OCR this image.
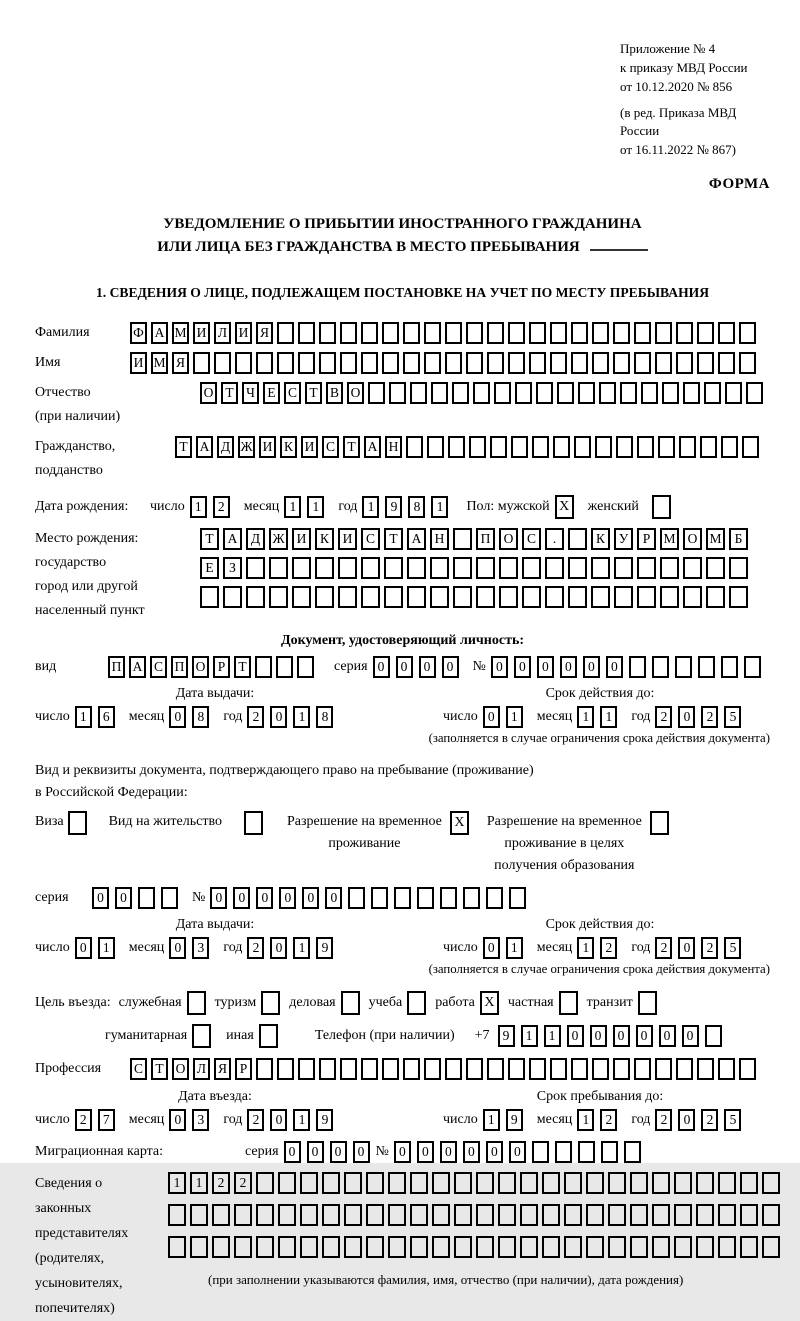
Приложение № 4
к приказу МВД России
от 10.12.2020 № 856
(в ред. Приказа МВД России
от 16.11.2022 № 867)
ФОРМА
УВЕДОМЛЕНИЕ О ПРИБЫТИИ ИНОСТРАННОГО ГРАЖДАНИНА
ИЛИ ЛИЦА БЕЗ ГРАЖДАНСТВА В МЕСТО ПРЕБЫВАНИЯ
1. СВЕДЕНИЯ О ЛИЦЕ, ПОДЛЕЖАЩЕМ ПОСТАНОВКЕ НА УЧЕТ ПО МЕСТУ ПРЕБЫВАНИЯ
Фамилия	Ф А М И Л И Я
Имя	И М Я
Отчество
(при наличии)
О Т Ч Е С Т В О
Гражданство,
подданство
Т А Д Ж И К И С Т А Н
Дата рождения:	число 1	2	месяц 1	1	год 1	9	8	1	Пол: мужской X	женский
Место рождения:
государство
город или другой
населенный пункт
Т	А	Д Ж И	К	И	С	Т	А Н	П О	С	.	К	У	Р М О М Б
Е	З
Документ, удостоверяющий личность:
вид	П А С П О Р Т	серия 0	0	0	0	№ 0	0	0	0	0	0
Дата выдачи:	Срок действия до:
число 1	6	месяц 0	8	год 2	0	1	8	число 0	1	месяц 1	1	год 2	0	2	5
(заполняется в случае ограничения срока действия документа)
Вид и реквизиты документа, подтверждающего право на пребывание (проживание)
в Российской Федерации:
Виза	Вид на жительство	Разрешение на временное
проживание
X	Разрешение на временное
проживание в целях
получения образования
серия	0	0	№ 0	0	0	0	0	0
Дата выдачи:	Срок действия до:
число 0	1	месяц 0	3	год 2	0	1	9	число 0	1	месяц 1	2	год 2	0	2	5
(заполняется в случае ограничения срока действия документа)
Цель въезда: служебная туризм деловая учеба работа X частная транзит
гуманитарная	иная	Телефон (при наличии) +7 9	1	1	0	0	0	0	0	0
Профессия	С Т О Л Я Р
Дата въезда:	Срок пребывания до:
число 2	7	месяц 0	3	год 2	0	1	9	число 1	9	месяц 1	2	год 2	0	2	5
Миграционная карта:	серия 0	0	0	0 № 0	0	0	0	0	0
Сведения о
законных
представителях
(родителях,
усыновителях,
попечителях)
1	1	2	2
(при заполнении указываются фамилия, имя, отчество (при наличии), дата рождения)
